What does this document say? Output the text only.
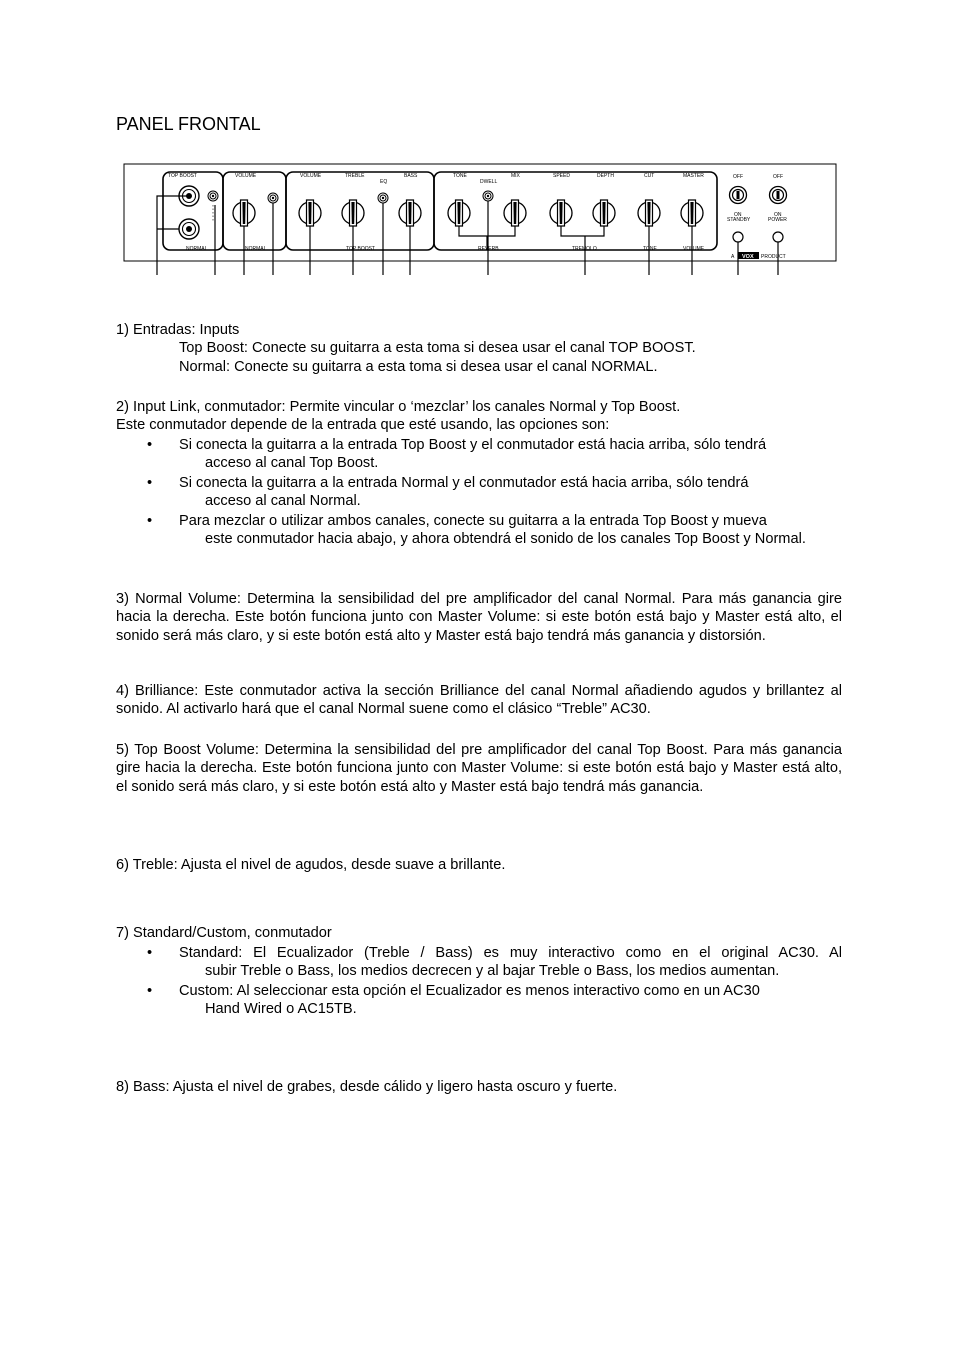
PANEL FRONTAL
TOP BOOST
NORMAL
VOLUME
NORMAL
VOLUME	TREBLE	BASS
EQ
TOP BOOST
TONE	MIX
DWELL
REVERB
SPEED	DEPTH
TREMOLO
CUT	MASTER
TONE	VOLUME
OFF
ON
STANDBY
OFF
ON
POWER
A	PRODUCT
VOX

1) Entradas: Inputs

Top Boost: Conecte su guitarra a esta toma si desea usar el canal TOP BOOST.

Normal: Conecte su guitarra a esta toma si desea usar el canal NORMAL.

2) Input Link, conmutador: Permite vincular o ‘mezclar’ los canales Normal y Top Boost.

Este conmutador depende de la entrada que esté usando, las opciones son:

• Si conecta la guitarra a la entrada Top Boost y el conmutador está hacia arriba, sólo tendrá
acceso al canal Top Boost.
• Si conecta la guitarra a la entrada Normal y el conmutador está hacia arriba, sólo tendrá
acceso al canal Normal.
• Para mezclar o utilizar ambos canales, conecte su guitarra a la entrada Top Boost y mueva
este conmutador hacia abajo, y ahora obtendrá el sonido de los canales Top Boost y Normal.

3) Normal Volume: Determina la sensibilidad del pre amplificador del canal Normal. Para más ganancia gire hacia la derecha. Este botón funciona junto con Master Volume: si este botón está bajo y Master está alto, el sonido será más claro, y si este botón está alto y Master está bajo tendrá más ganancia y distorsión.

4) Brilliance: Este conmutador activa la sección Brilliance del canal Normal añadiendo agudos y brillantez al sonido. Al activarlo hará que el canal Normal suene como el clásico “Treble” AC30.

5) Top Boost Volume: Determina la sensibilidad del pre amplificador del canal Top Boost. Para más ganancia gire hacia la derecha. Este botón funciona junto con Master Volume: si este botón está bajo y Master está alto, el sonido será más claro, y si este botón está alto y Master está bajo tendrá más ganancia.

6) Treble: Ajusta el nivel de agudos, desde suave a brillante.

7) Standard/Custom, conmutador

• Standard: El Ecualizador (Treble / Bass) es muy interactivo como en el original AC30. Al
subir Treble o Bass, los medios decrecen y al bajar Treble o Bass, los medios aumentan.
• Custom: Al seleccionar esta opción el Ecualizador es menos interactivo como en un AC30
Hand Wired o AC15TB.

8) Bass: Ajusta el nivel de grabes, desde cálido y ligero hasta oscuro y fuerte.
